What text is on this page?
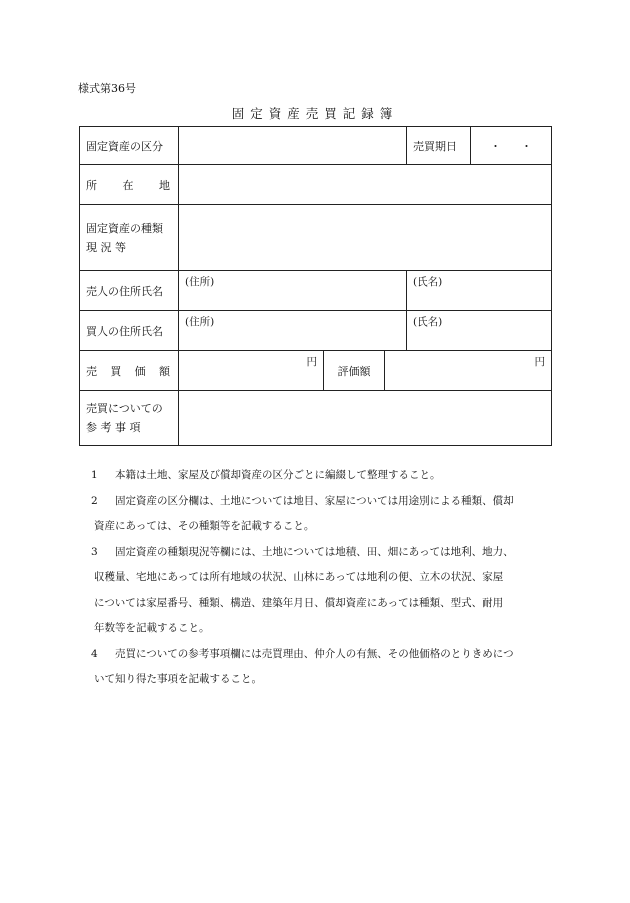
様式第36号
固定資産売買記録簿
固定資産の区分				売買期日	・ ・

所 在 地					

固定資産の種類
現 況 等					

売人の住所氏名	(住所)			(氏名)	

買人の住所氏名	(住所)			(氏名)	

売 買 価 額	円	評価額	円		

売買についての
参 考 事 項					

1	本籍は土地、家屋及び償却資産の区分ごとに編綴して整理すること。
2	固定資産の区分欄は、土地については地目、家屋については用途別による種類、償却
資産にあっては、その種類等を記載すること。
3	固定資産の種類現況等欄には、土地については地積、田、畑にあっては地利、地力、
収穫量、宅地にあっては所有地域の状況、山林にあっては地利の便、立木の状況、家屋
については家屋番号、種類、構造、建築年月日、償却資産にあっては種類、型式、耐用
年数等を記載すること。
4	売買についての参考事項欄には売買理由、仲介人の有無、その他価格のとりきめにつ
いて知り得た事項を記載すること。
